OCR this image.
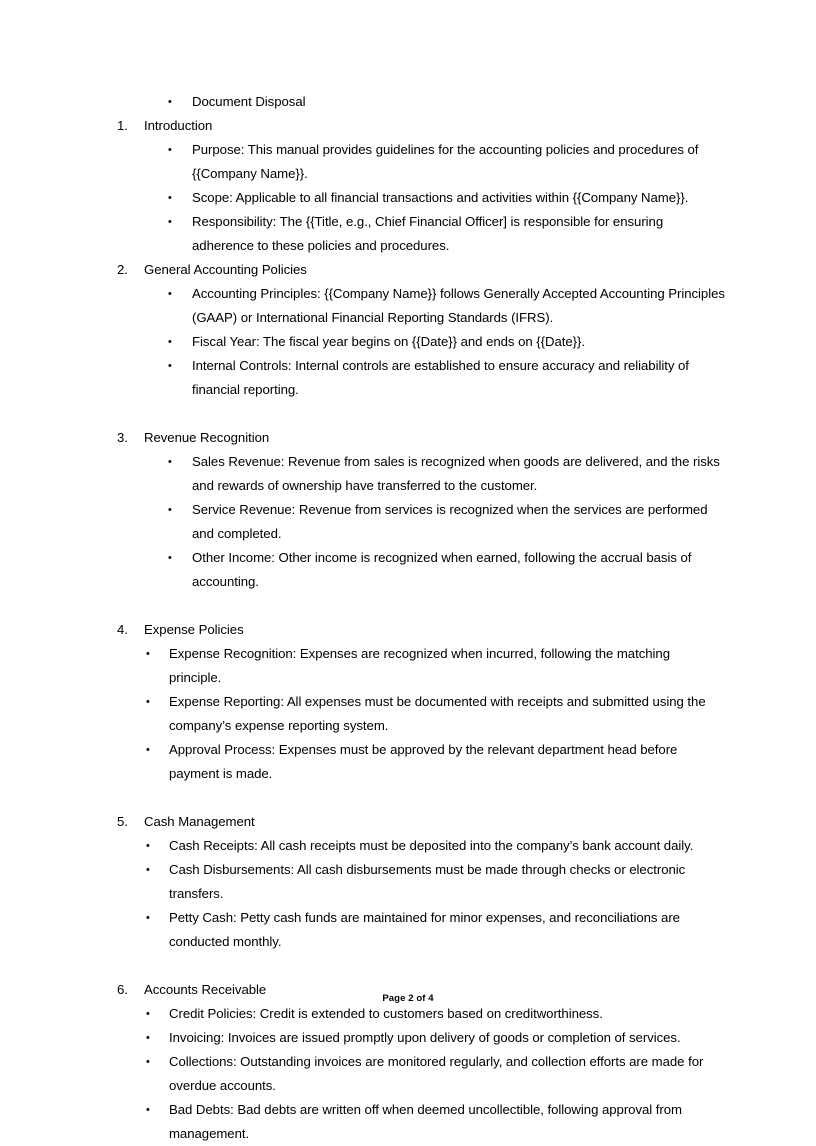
• Document Disposal
1. Introduction
• Purpose: This manual provides guidelines for the accounting policies and procedures of {{Company Name}}.
• Scope: Applicable to all financial transactions and activities within {{Company Name}}.
• Responsibility: The {{Title, e.g., Chief Financial Officer] is responsible for ensuring adherence to these policies and procedures.
2. General Accounting Policies
• Accounting Principles: {{Company Name}} follows Generally Accepted Accounting Principles (GAAP) or International Financial Reporting Standards (IFRS).
• Fiscal Year: The fiscal year begins on {{Date}} and ends on {{Date}}.
• Internal Controls: Internal controls are established to ensure accuracy and reliability of financial reporting.
3. Revenue Recognition
• Sales Revenue: Revenue from sales is recognized when goods are delivered, and the risks and rewards of ownership have transferred to the customer.
• Service Revenue: Revenue from services is recognized when the services are performed and completed.
• Other Income: Other income is recognized when earned, following the accrual basis of accounting.
4. Expense Policies
• Expense Recognition: Expenses are recognized when incurred, following the matching principle.
• Expense Reporting: All expenses must be documented with receipts and submitted using the company’s expense reporting system.
• Approval Process: Expenses must be approved by the relevant department head before payment is made.
5. Cash Management
• Cash Receipts: All cash receipts must be deposited into the company’s bank account daily.
• Cash Disbursements: All cash disbursements must be made through checks or electronic transfers.
• Petty Cash: Petty cash funds are maintained for minor expenses, and reconciliations are conducted monthly.
6. Accounts Receivable
• Credit Policies: Credit is extended to customers based on creditworthiness.
• Invoicing: Invoices are issued promptly upon delivery of goods or completion of services.
• Collections: Outstanding invoices are monitored regularly, and collection efforts are made for overdue accounts.
• Bad Debts: Bad debts are written off when deemed uncollectible, following approval from management.
Page 2 of 4
